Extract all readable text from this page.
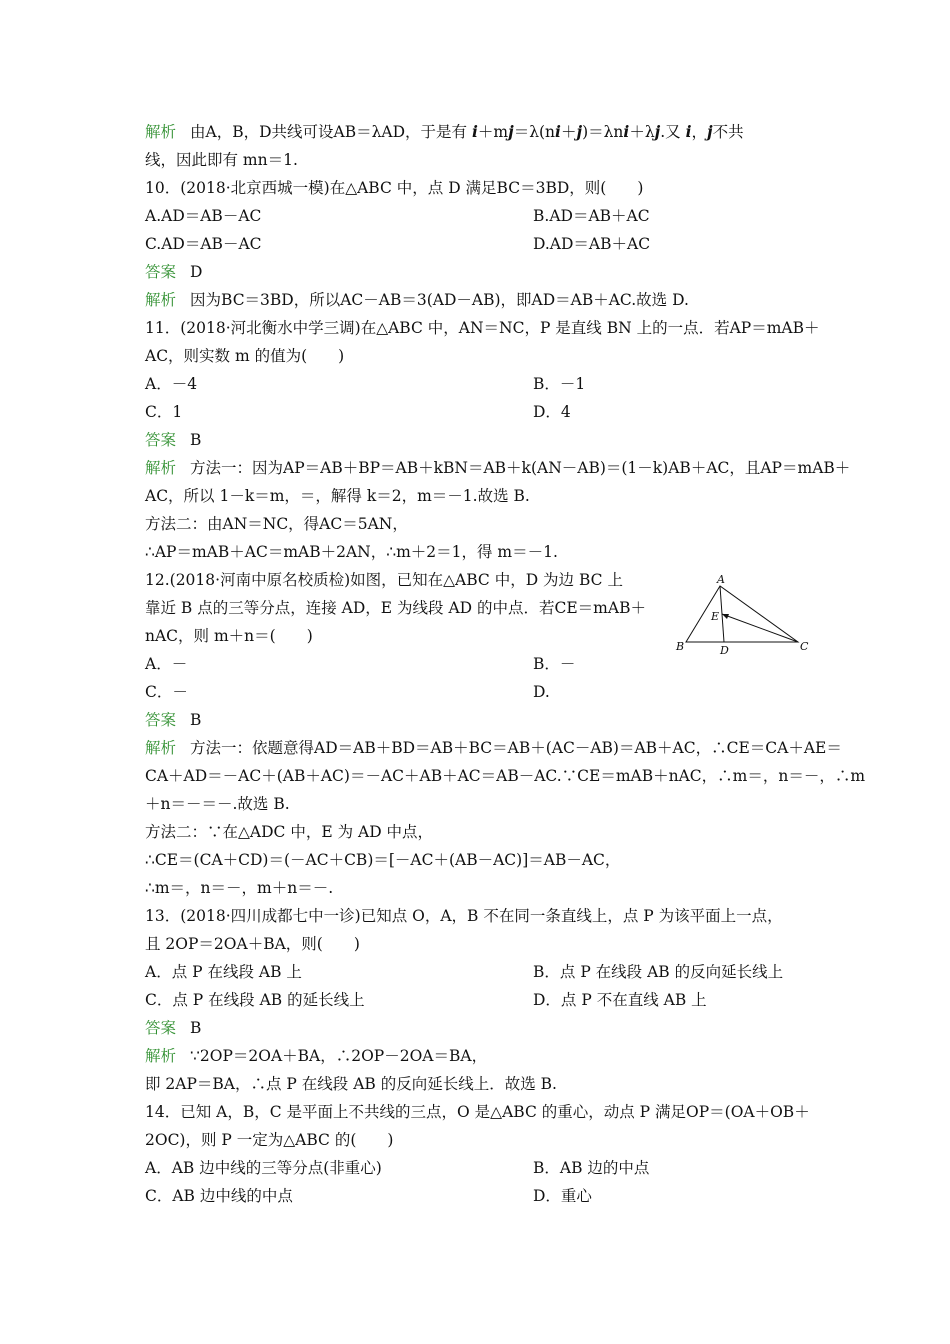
解析 由A，B，D共线可设AB＝λAD，于是有 i＋mj＝λ(ni＋j)＝λni＋λj.又 i，j不共
线，因此即有 mn＝1.
10．(2018·北京西城一模)在△ABC 中，点 D 满足BC＝3BD，则(　　)
A.AD＝AB－AC	B.AD＝AB＋AC
C.AD＝AB－AC	D.AD＝AB＋AC
答案 D
解析 因为BC＝3BD，所以AC－AB＝3(AD－AB)，即AD＝AB＋AC.故选 D.
11．(2018·河北衡水中学三调)在△ABC 中，AN＝NC，P 是直线 BN 上的一点．若AP＝mAB＋
AC，则实数 m 的值为(　　)
A．－4	B．－1
C．1	D．4
答案 B
解析 方法一：因为AP＝AB＋BP＝AB＋kBN＝AB＋k(AN－AB)＝(1－k)AB＋AC，且AP＝mAB＋
AC，所以 1－k＝m，＝，解得 k＝2，m＝－1.故选 B.
方法二：由AN＝NC，得AC＝5AN，
∴AP＝mAB＋AC＝mAB＋2AN，∴m＋2＝1，得 m＝－1.
12.(2018·河南中原名校质检)如图，已知在△ABC 中，D 为边 BC 上
靠近 B 点的三等分点，连接 AD，E 为线段 AD 的中点．若CE＝mAB＋
nAC，则 m＋n＝(　　)
A．－	B．－
C．－	D.
答案 B
解析 方法一：依题意得AD＝AB＋BD＝AB＋BC＝AB＋(AC－AB)＝AB＋AC，∴CE＝CA＋AE＝
CA＋AD＝－AC＋(AB＋AC)＝－AC＋AB＋AC＝AB－AC.∵CE＝mAB＋nAC，∴m＝，n＝－，∴m
＋n＝－＝－.故选 B.
方法二：∵在△ADC 中，E 为 AD 中点，
∴CE＝(CA＋CD)＝(－AC＋CB)＝[－AC＋(AB－AC)]＝AB－AC，
∴m＝，n＝－，m＋n＝－.
13．(2018·四川成都七中一诊)已知点 O，A，B 不在同一条直线上，点 P 为该平面上一点，
且 2OP＝2OA＋BA，则(　　)
A．点 P 在线段 AB 上	B．点 P 在线段 AB 的反向延长线上
C．点 P 在线段 AB 的延长线上	D．点 P 不在直线 AB 上
答案 B
解析 ∵2OP＝2OA＋BA，∴2OP－2OA＝BA，
即 2AP＝BA，∴点 P 在线段 AB 的反向延长线上．故选 B.
14．已知 A，B，C 是平面上不共线的三点，O 是△ABC 的重心，动点 P 满足OP＝(OA＋OB＋
2OC)，则 P 一定为△ABC 的(　　)
A．AB 边中线的三等分点(非重心)	B．AB 边的中点
C．AB 边中线的中点	D．重心
A
B	C
D
E
